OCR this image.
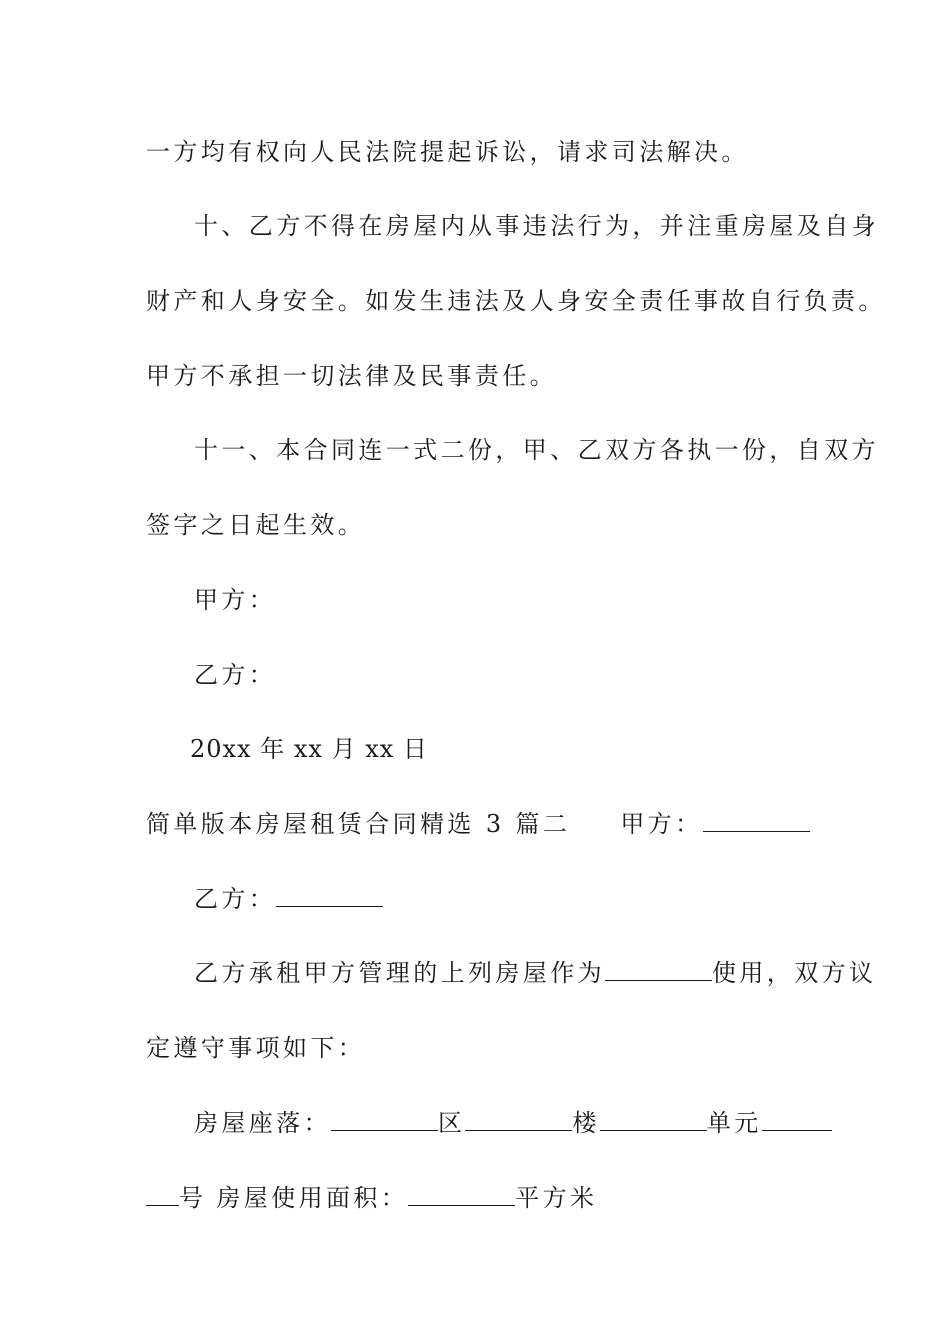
一方均有权向人民法院提起诉讼，请求司法解决。
十、乙方不得在房屋内从事违法行为，并注重房屋及自身
财产和人身安全。如发生违法及人身安全责任事故自行负责。
甲方不承担一切法律及民事责任。
十一、本合同连一式二份，甲、乙双方各执一份，自双方
签字之日起生效。
甲方：
乙方：
20xx 年 xx 月 xx 日
简单版本房屋租赁合同精选 3 篇二 甲方：
乙方：
乙方承租甲方管理的上列房屋作为	使用，双方议
定遵守事项如下：
房屋座落：	区	楼	单元
号 房屋使用面积：	平方米
